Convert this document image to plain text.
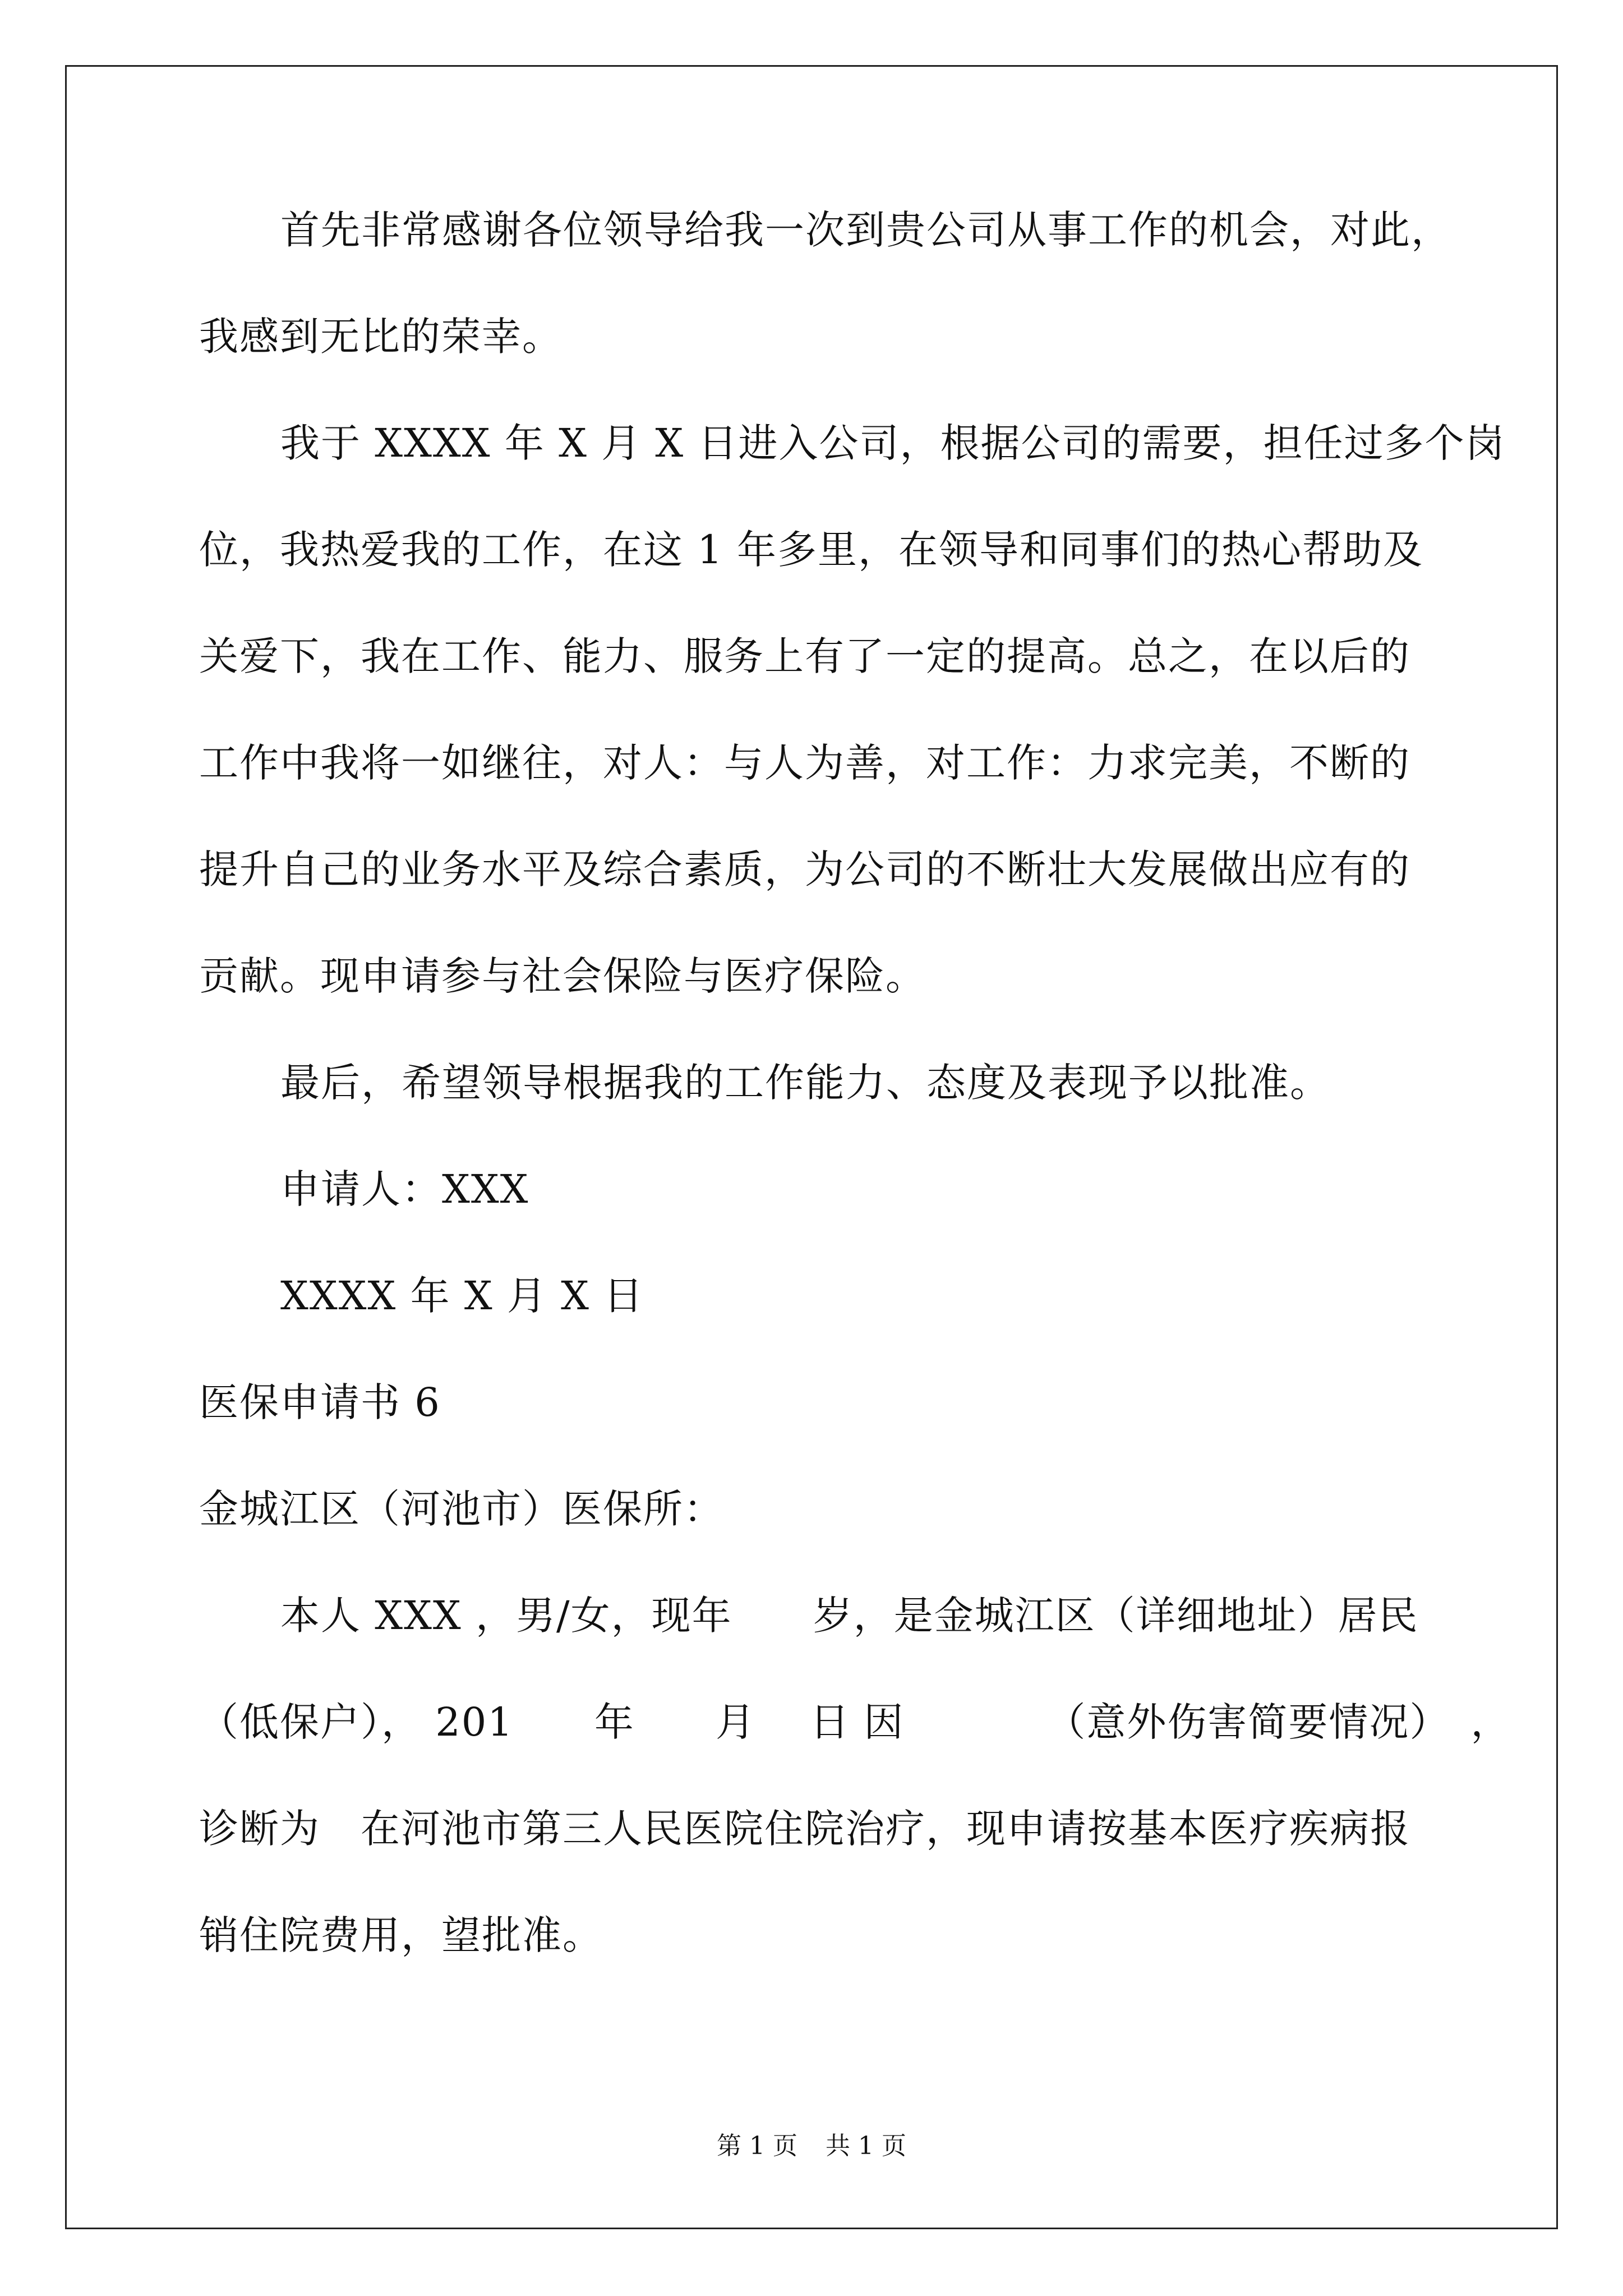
首先非常感谢各位领导给我一次到贵公司从事工作的机会，对此，
我感到无比的荣幸。
我于 XXXX 年 X 月 X 日进入公司，根据公司的需要，担任过多个岗
位，我热爱我的工作，在这 1 年多里，在领导和同事们的热心帮助及
关爱下，我在工作、能力、服务上有了一定的提高。总之，在以后的
工作中我将一如继往，对人：与人为善，对工作：力求完美，不断的
提升自己的业务水平及综合素质，为公司的不断壮大发展做出应有的
贡献。现申请参与社会保险与医疗保险。
最后，希望领导根据我的工作能力、态度及表现予以批准。
申请人：XXX
XXXX 年 X 月 X 日
医保申请书 6
金城江区（河池市）医保所：
本人 XXX ，男/女，现年　　岁，是金城江区（详细地址）居民
（低保户）， 201　　年　　月　 日 因　　　　（意外伤害简要情况）　，
诊断为　在河池市第三人民医院住院治疗，现申请按基本医疗疾病报
销住院费用，望批准。
第 1 页 共 1 页
